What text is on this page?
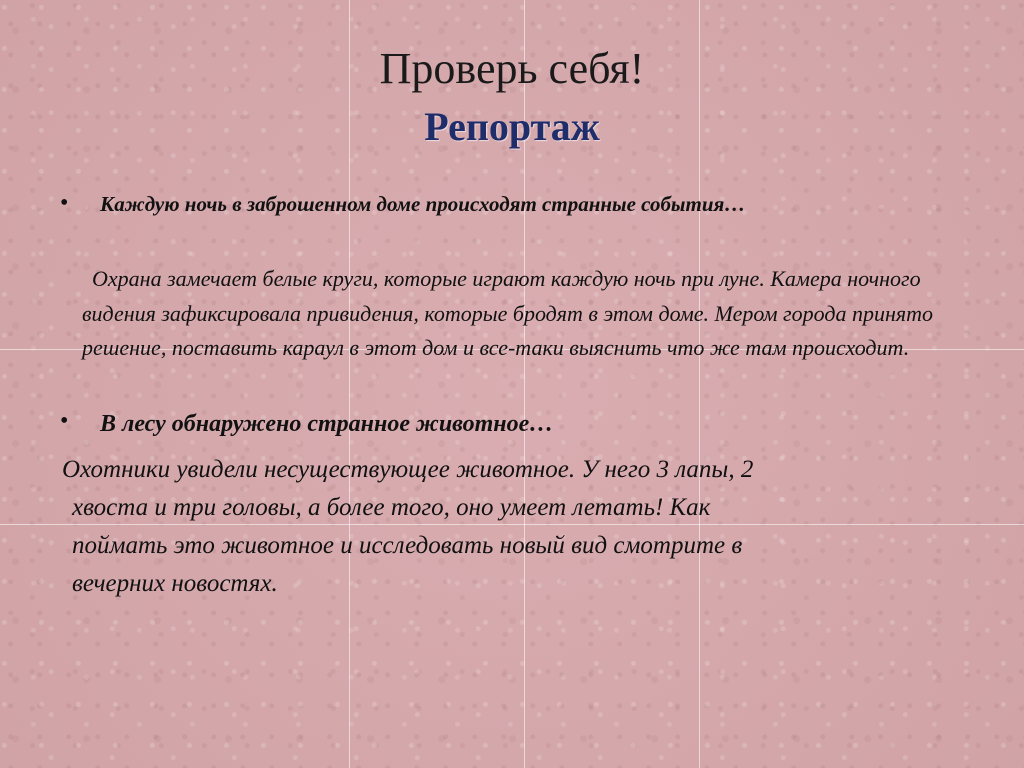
Проверь себя!
Репортаж
• Каждую ночь в заброшенном доме происходят странные события…
Охрана замечает белые круги, которые играют каждую ночь при луне. Камера ночного видения зафиксировала привидения, которые бродят в этом доме. Мером города принято решение, поставить караул в этот дом и все-таки выяснить что же там происходит.
• В лесу обнаружено странное животное…
Охотники увидели несуществующее животное. У него 3 лапы, 2
хвоста и три головы, а более того, оно умеет летать! Как
поймать это животное и исследовать новый вид смотрите в
вечерних новостях.
